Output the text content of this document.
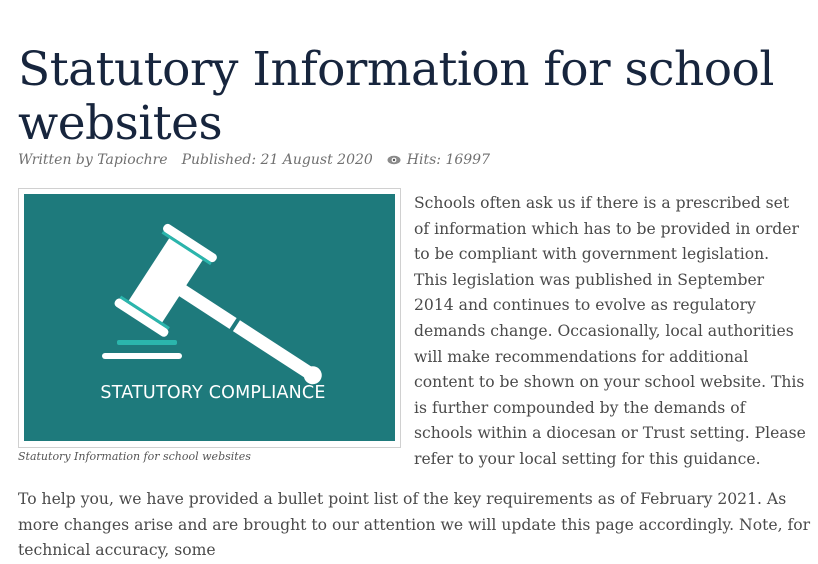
Statutory Information for school websites
Written by Tapiochre Published: 21 August 2020 Hits: 16997
STATUTORY COMPLIANCE
Statutory Information for school websites

Schools often ask us if there is a prescribed set of information which has to be provided in order to be compliant with government legislation. This legislation was published in September 2014 and continues to evolve as regulatory demands change. Occasionally, local authorities will make recommendations for additional content to be shown on your school website. This is further compounded by the demands of schools within a diocesan or Trust setting. Please refer to your local setting for this guidance.

To help you, we have provided a bullet point list of the key requirements as of February 2021. As more changes arise and are brought to our attention we will update this page accordingly. Note, for technical accuracy, some
